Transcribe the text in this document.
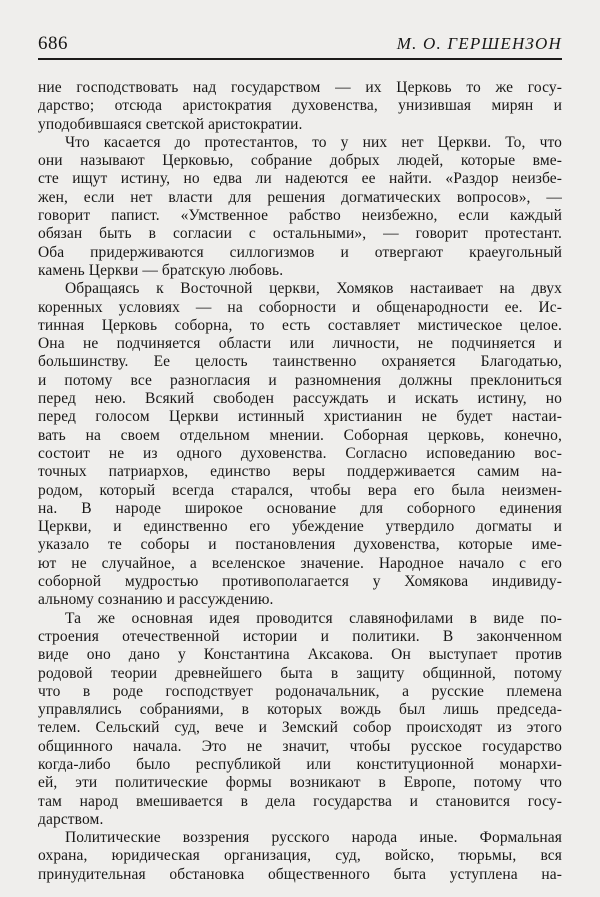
686	М. О. ГЕРШЕНЗОН
ние господствовать над государством — их Церковь то же госу-
дарство; отсюда аристократия духовенства, унизившая мирян и
уподобившаяся светской аристократии.
Что касается до протестантов, то у них нет Церкви. То, что
они называют Церковью, собрание добрых людей, которые вме-
сте ищут истину, но едва ли надеются ее найти. «Раздор неизбе-
жен, если нет власти для решения догматических вопросов», —
говорит папист. «Умственное рабство неизбежно, если каждый
обязан быть в согласии с остальными», — говорит протестант.
Оба придерживаются силлогизмов и отвергают краеугольный
камень Церкви — братскую любовь.
Обращаясь к Восточной церкви, Хомяков настаивает на двух
коренных условиях — на соборности и общенародности ее. Ис-
тинная Церковь соборна, то есть составляет мистическое целое.
Она не подчиняется области или личности, не подчиняется и
большинству. Ее целость таинственно охраняется Благодатью,
и потому все разногласия и разномнения должны преклониться
перед нею. Всякий свободен рассуждать и искать истину, но
перед голосом Церкви истинный христианин не будет настаи-
вать на своем отдельном мнении. Соборная церковь, конечно,
состоит не из одного духовенства. Согласно исповеданию вос-
точных патриархов, единство веры поддерживается самим на-
родом, который всегда старался, чтобы вера его была неизмен-
на. В народе широкое основание для соборного единения
Церкви, и единственно его убеждение утвердило догматы и
указало те соборы и постановления духовенства, которые име-
ют не случайное, а вселенское значение. Народное начало с его
соборной мудростью противополагается у Хомякова индивиду-
альному сознанию и рассуждению.
Та же основная идея проводится славянофилами в виде по-
строения отечественной истории и политики. В законченном
виде оно дано у Константина Аксакова. Он выступает против
родовой теории древнейшего быта в защиту общинной, потому
что в роде господствует родоначальник, а русские племена
управлялись собраниями, в которых вождь был лишь председа-
телем. Сельский суд, вече и Земский собор происходят из этого
общинного начала. Это не значит, чтобы русское государство
когда-либо было республикой или конституционной монархи-
ей, эти политические формы возникают в Европе, потому что
там народ вмешивается в дела государства и становится госу-
дарством.
Политические воззрения русского народа иные. Формальная
охрана, юридическая организация, суд, войско, тюрьмы, вся
принудительная обстановка общественного быта уступлена на-
